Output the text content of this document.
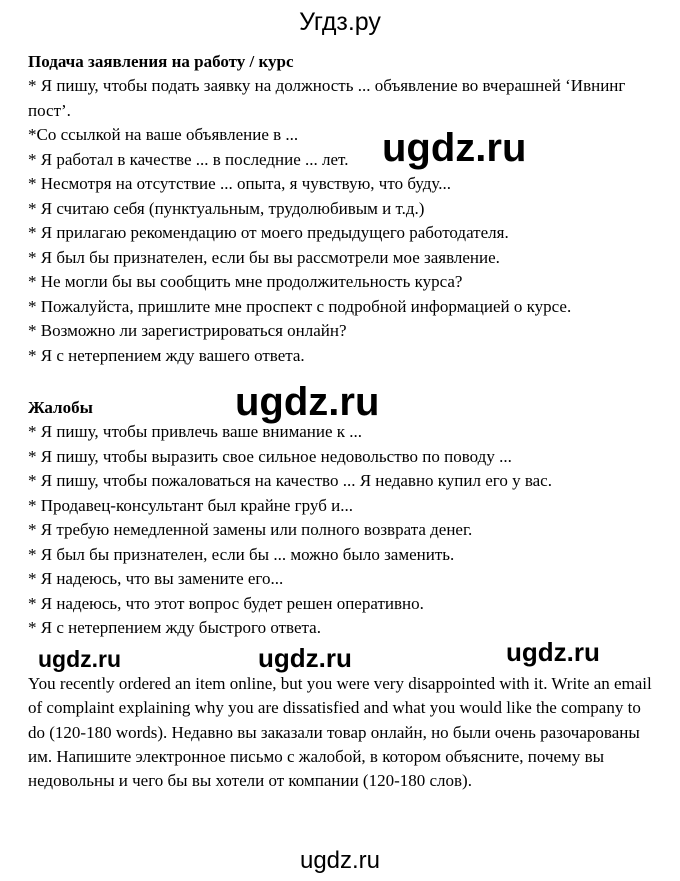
Угдз.ру
Подача заявления на работу / курс
* Я пишу, чтобы подать заявку на должность ... объявление во вчерашней ‘Ивнинг пост’.
*Со ссылкой на ваше объявление в ...
* Я работал в качестве ... в последние ... лет.
* Несмотря на отсутствие ... опыта, я чувствую, что буду...
* Я считаю себя (пунктуальным, трудолюбивым и т.д.)
* Я прилагаю рекомендацию от моего предыдущего работодателя.
* Я был бы признателен, если бы вы рассмотрели мое заявление.
* Не могли бы вы сообщить мне продолжительность курса?
* Пожалуйста, пришлите мне проспект с подробной информацией о курсе.
* Возможно ли зарегистрироваться онлайн?
* Я с нетерпением жду вашего ответа.
Жалобы
* Я пишу, чтобы привлечь ваше внимание к ...
* Я пишу, чтобы выразить свое сильное недовольство по поводу ...
* Я пишу, чтобы пожаловаться на качество ... Я недавно купил его у вас.
* Продавец-консультант был крайне груб и...
* Я требую немедленной замены или полного возврата денег.
* Я был бы признателен, если бы ... можно было заменить.
* Я надеюсь, что вы замените его...
* Я надеюсь, что этот вопрос будет решен оперативно.
* Я с нетерпением жду быстрого ответа.

You recently ordered an item online, but you were very disappointed with it. Write an email of complaint explaining why you are dissatisfied and what you would like the company to do (120-180 words). Недавно вы заказали товар онлайн, но были очень разочарованы им. Напишите электронное письмо с жалобой, в котором объясните, почему вы недовольны и чего бы вы хотели от компании (120-180 слов).

ugdz.ru
ugdz.ru
ugdz.ru	ugdz.ru	ugdz.ru
ugdz.ru
